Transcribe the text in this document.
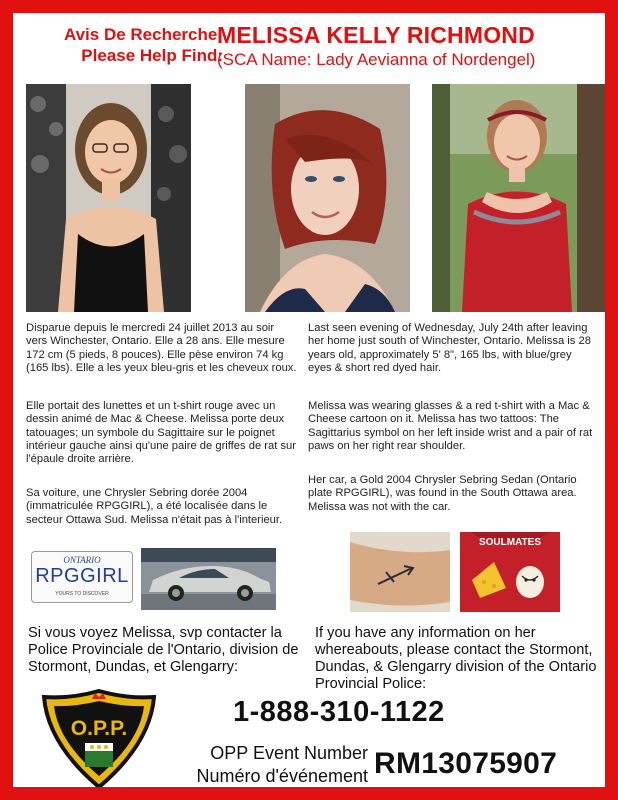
Avis De Recherche:
Please Help Find:
MELISSA KELLY RICHMOND
(SCA Name: Lady Aevianna of Nordengel)
Disparue depuis le mercredi 24 juillet 2013 au soir vers Winchester, Ontario. Elle a 28 ans. Elle mesure 172 cm (5 pieds, 8 pouces). Elle pèse environ 74 kg (165 lbs). Elle a les yeux bleu-gris et les cheveux roux.
Elle portait des lunettes et un t-shirt rouge avec un dessin animé de Mac & Cheese. Melissa porte deux tatouages; un symbole du Sagittaire sur le poignet intérieur gauche ainsi qu'une paire de griffes de rat sur l'épaule droite arrière.
Sa voiture, une Chrysler Sebring dorée 2004 (immatriculée RPGGIRL), a été localisée dans le secteur Ottawa Sud. Melissa n'était pas à l'interieur.
Last seen evening of Wednesday, July 24th after leaving her home just south of Winchester, Ontario. Melissa is 28 years old, approximately 5' 8", 165 lbs, with blue/grey eyes & short red dyed hair.
Melissa was wearing glasses & a red t-shirt with a Mac & Cheese cartoon on it. Melissa has two tattoos: The Sagittarius symbol on her left inside wrist and a pair of rat paws on her right rear shoulder.
Her car, a Gold 2004 Chrysler Sebring Sedan (Ontario plate RPGGIRL), was found in the South Ottawa area. Melissa was not with the car.
ONTARIO
RPGGIRL
YOURS TO DISCOVER
SOULMATES
Si vous voyez Melissa, svp contacter la Police Provinciale de l'Ontario, division de Stormont, Dundas, et Glengarry:
If you have any information on her whereabouts, please contact the Stormont, Dundas, & Glengarry division of the Ontario Provincial Police:
O.P.P.
1-888-310-1122
OPP Event Number
Numéro d'événement RM13075907
